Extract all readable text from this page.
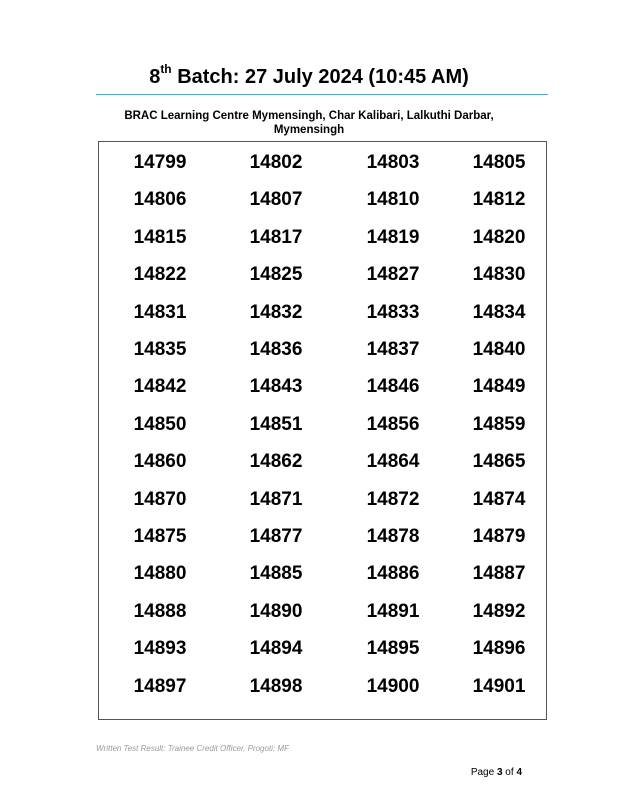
8th Batch: 27 July 2024 (10:45 AM)
BRAC Learning Centre Mymensingh, Char Kalibari, Lalkuthi Darbar, Mymensingh
14799	14802	14803	14805
14806	14807	14810	14812
14815	14817	14819	14820
14822	14825	14827	14830
14831	14832	14833	14834
14835	14836	14837	14840
14842	14843	14846	14849
14850	14851	14856	14859
14860	14862	14864	14865
14870	14871	14872	14874
14875	14877	14878	14879
14880	14885	14886	14887
14888	14890	14891	14892
14893	14894	14895	14896
14897	14898	14900	14901
Written Test Result: Trainee Credit Officer, Progoti; MF
Page 3 of 4
